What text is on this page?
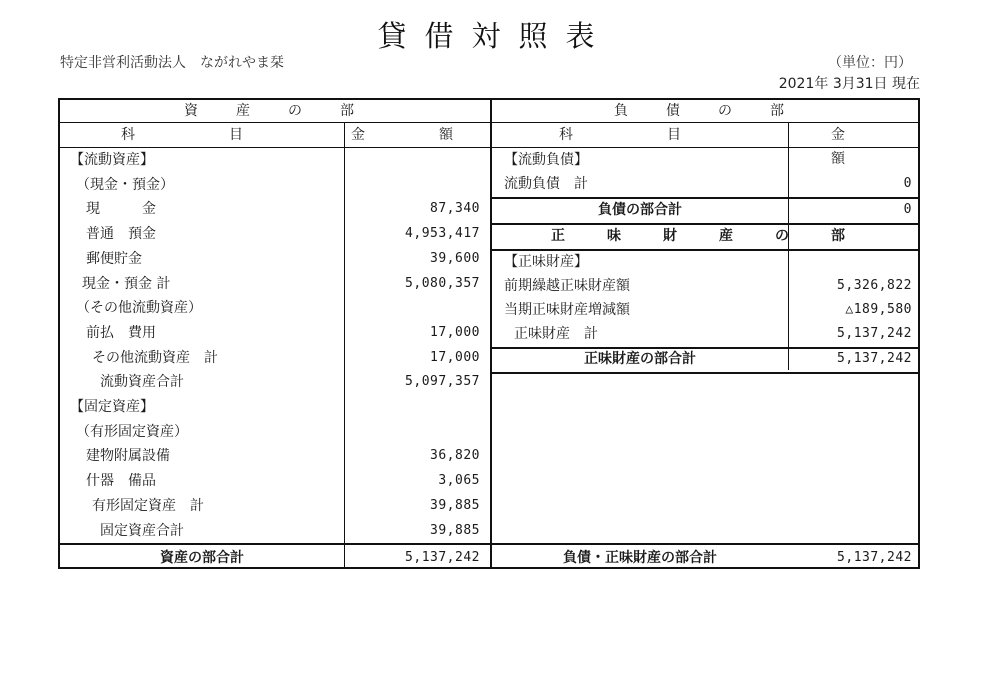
貸借対照表
特定非営利活動法人　ながれやま栞	（単位：円）
2021年 3月31日 現在
資　産　の　部
科　目	金　額
【流動資産】
（現金・預金）
現　　　金	87,340
普通　預金	4,953,417
郵便貯金	39,600
現金・預金 計	5,080,357
（その他流動資産）
前払　費用	17,000
その他流動資産　計	17,000
流動資産合計	5,097,357
【固定資産】
（有形固定資産）
建物附属設備	36,820
什器　備品	3,065
有形固定資産　計	39,885
固定資産合計	39,885
資産の部合計	5,137,242
負　債　の　部
科　目	金　額
【流動負債】
流動負債　計	0
負債の部合計	0
正　味　財　産　の　部
【正味財産】
前期繰越正味財産額	5,326,822
当期正味財産増減額	△189,580
正味財産　計	5,137,242
正味財産の部合計	5,137,242
負債・正味財産の部合計	5,137,242
